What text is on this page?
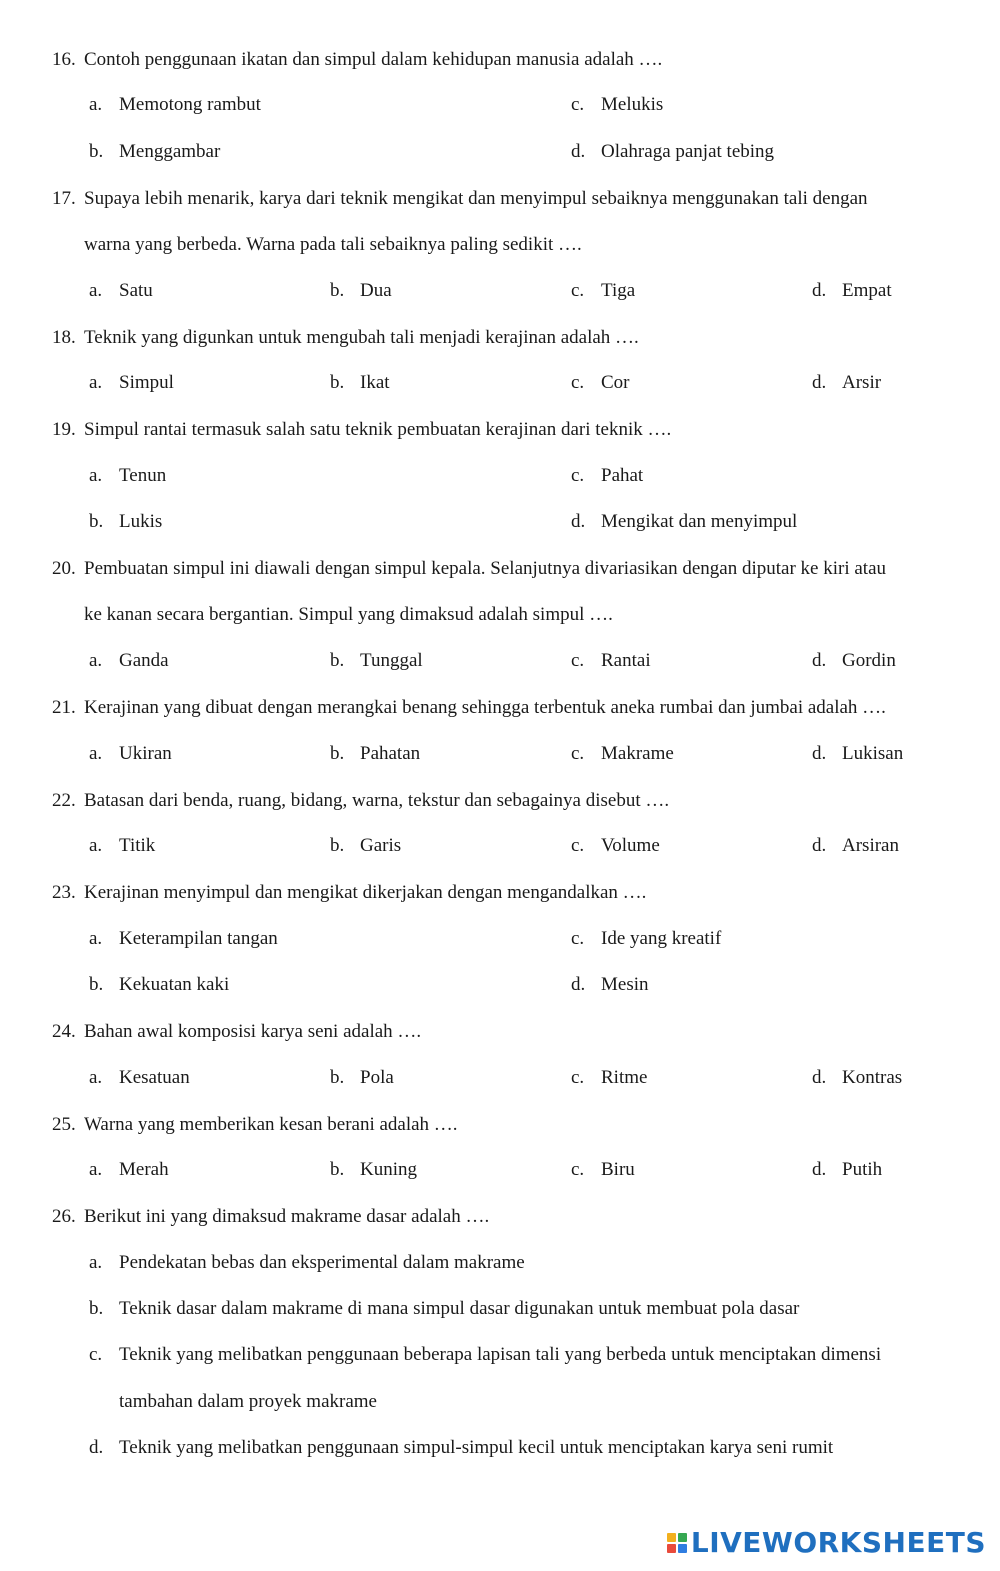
16. Contoh penggunaan ikatan dan simpul dalam kehidupan manusia adalah ….
a. Memotong rambut	c. Melukis
b. Menggambar	d. Olahraga panjat tebing
17. Supaya lebih menarik, karya dari teknik mengikat dan menyimpul sebaiknya menggunakan tali dengan
warna yang berbeda. Warna pada tali sebaiknya paling sedikit ….
a. Satu	b. Dua	c. Tiga	d. Empat
18. Teknik yang digunkan untuk mengubah tali menjadi kerajinan adalah ….
a. Simpul	b. Ikat	c. Cor	d. Arsir
19. Simpul rantai termasuk salah satu teknik pembuatan kerajinan dari teknik ….
a. Tenun	c. Pahat
b. Lukis	d. Mengikat dan menyimpul
20. Pembuatan simpul ini diawali dengan simpul kepala. Selanjutnya divariasikan dengan diputar ke kiri atau
ke kanan secara bergantian. Simpul yang dimaksud adalah simpul ….
a. Ganda	b. Tunggal	c. Rantai	d. Gordin
21. Kerajinan yang dibuat dengan merangkai benang sehingga terbentuk aneka rumbai dan jumbai adalah ….
a. Ukiran	b. Pahatan	c. Makrame	d. Lukisan
22. Batasan dari benda, ruang, bidang, warna, tekstur dan sebagainya disebut ….
a. Titik	b. Garis	c. Volume	d. Arsiran
23. Kerajinan menyimpul dan mengikat dikerjakan dengan mengandalkan ….
a. Keterampilan tangan	c. Ide yang kreatif
b. Kekuatan kaki	d. Mesin
24. Bahan awal komposisi karya seni adalah ….
a. Kesatuan	b. Pola	c. Ritme	d. Kontras
25. Warna yang memberikan kesan berani adalah ….
a. Merah	b. Kuning	c. Biru	d. Putih
26. Berikut ini yang dimaksud makrame dasar adalah ….
a. Pendekatan bebas dan eksperimental dalam makrame
b. Teknik dasar dalam makrame di mana simpul dasar digunakan untuk membuat pola dasar
c. Teknik yang melibatkan penggunaan beberapa lapisan tali yang berbeda untuk menciptakan dimensi
tambahan dalam proyek makrame
d. Teknik yang melibatkan penggunaan simpul-simpul kecil untuk menciptakan karya seni rumit
LIVEWORKSHEETS
